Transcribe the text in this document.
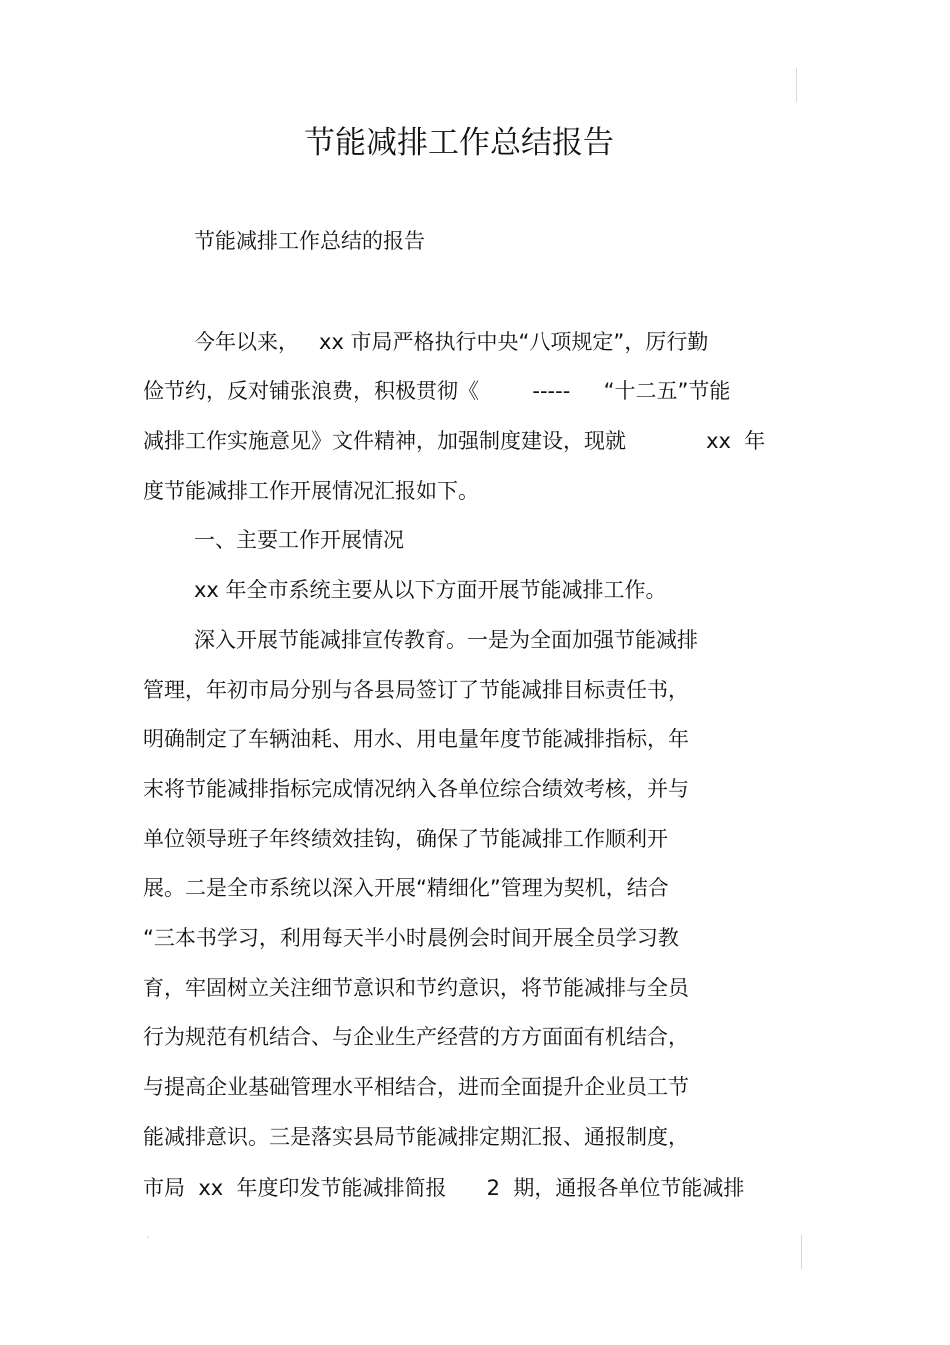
节能减排工作总结报告
节能减排工作总结的报告
今年以来，   xx 市局严格执行中央“八项规定”，厉行勤
俭节约，反对铺张浪费，积极贯彻《        -----     “十二五”节能
减排工作实施意见》文件精神，加强制度建设，现就            xx  年
度节能减排工作开展情况汇报如下。
一、主要工作开展情况
xx 年全市系统主要从以下方面开展节能减排工作。
深入开展节能减排宣传教育。一是为全面加强节能减排
管理，年初市局分别与各县局签订了节能减排目标责任书，
明确制定了车辆油耗、用水、用电量年度节能减排指标，年
末将节能减排指标完成情况纳入各单位综合绩效考核，并与
单位领导班子年终绩效挂钩，确保了节能减排工作顺利开
展。二是全市系统以深入开展“精细化”管理为契机，结合
“三本书学习，利用每天半小时晨例会时间开展全员学习教
育，牢固树立关注细节意识和节约意识，将节能减排与全员
行为规范有机结合、与企业生产经营的方方面面有机结合，
与提高企业基础管理水平相结合，进而全面提升企业员工节
能减排意识。三是落实县局节能减排定期汇报、通报制度，
市局  xx  年度印发节能减排简报      2  期，通报各单位节能减排
